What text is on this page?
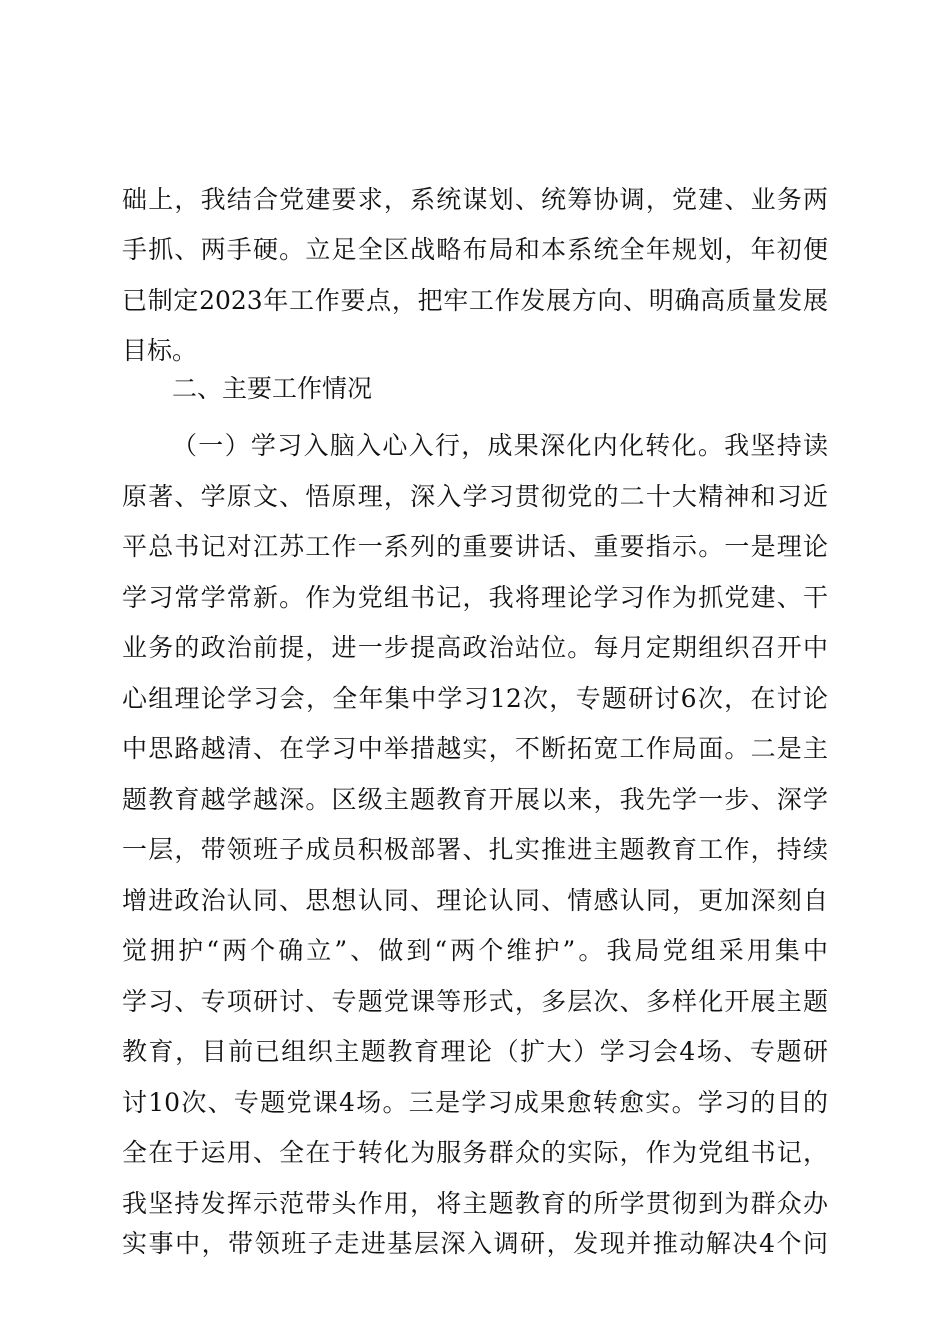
础上，我结合党建要求，系统谋划、统筹协调，党建、业务两

手抓、两手硬。立足全区战略布局和本系统全年规划，年初便

已制定2023年工作要点，把牢工作发展方向、明确高质量发展

目标。

二、主要工作情况

（一）学习入脑入心入行，成果深化内化转化。我坚持读

原著、学原文、悟原理，深入学习贯彻党的二十大精神和习近

平总书记对江苏工作一系列的重要讲话、重要指示。一是理论

学习常学常新。作为党组书记，我将理论学习作为抓党建、干

业务的政治前提，进一步提高政治站位。每月定期组织召开中

心组理论学习会，全年集中学习12次，专题研讨6次，在讨论

中思路越清、在学习中举措越实，不断拓宽工作局面。二是主

题教育越学越深。区级主题教育开展以来，我先学一步、深学

一层，带领班子成员积极部署、扎实推进主题教育工作，持续

增进政治认同、思想认同、理论认同、情感认同，更加深刻自

觉拥护“两个确立”、做到“两个维护”。我局党组采用集中

学习、专项研讨、专题党课等形式，多层次、多样化开展主题

教育，目前已组织主题教育理论（扩大）学习会4场、专题研

讨10次、专题党课4场。三是学习成果愈转愈实。学习的目的

全在于运用、全在于转化为服务群众的实际，作为党组书记，

我坚持发挥示范带头作用，将主题教育的所学贯彻到为群众办

实事中，带领班子走进基层深入调研，发现并推动解决4个问
